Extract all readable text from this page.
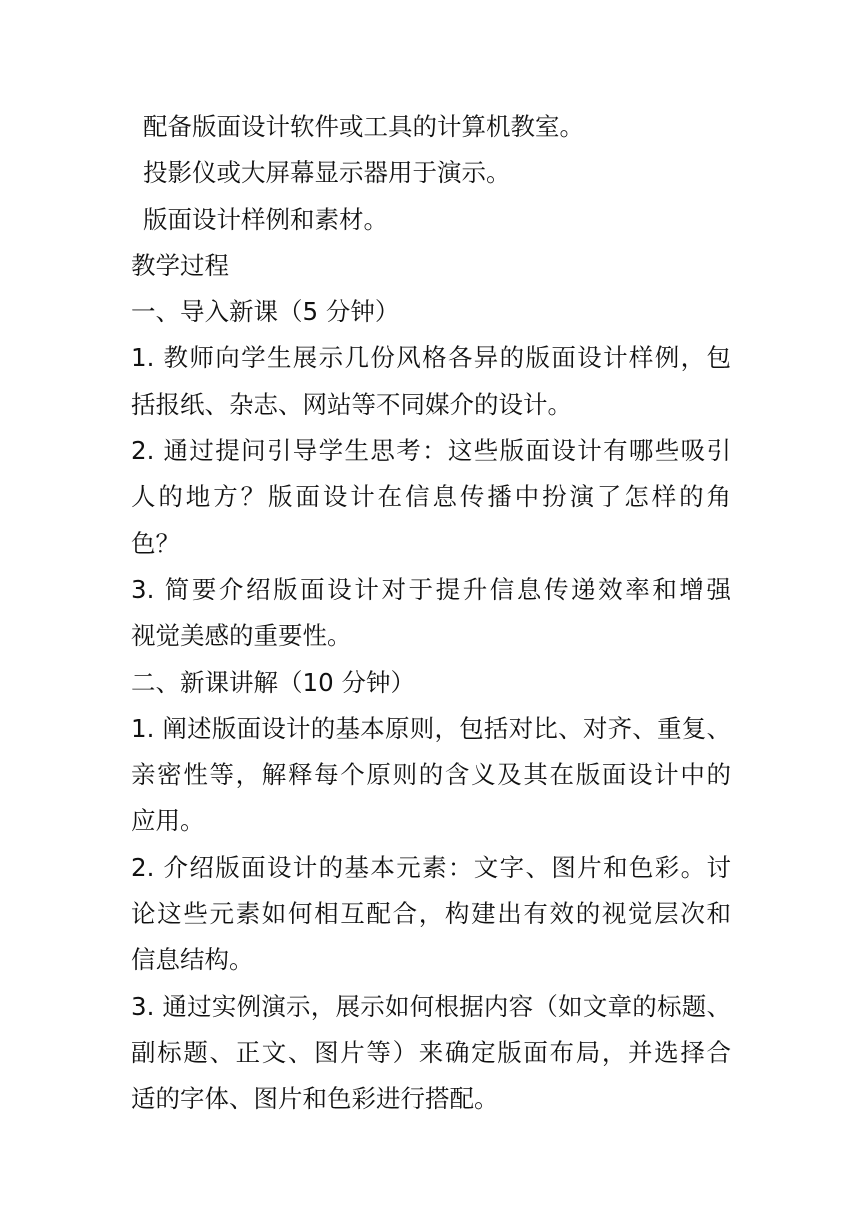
配备版面设计软件或工具的计算机教室。
投影仪或大屏幕显示器用于演示。
版面设计样例和素材。
教学过程
一、导入新课（5 分钟）
1. 教师向学生展示几份风格各异的版面设计样例，包
括报纸、杂志、网站等不同媒介的设计。
2. 通过提问引导学生思考：这些版面设计有哪些吸引
人的地方？版面设计在信息传播中扮演了怎样的角
色？
3. 简要介绍版面设计对于提升信息传递效率和增强
视觉美感的重要性。
二、新课讲解（10 分钟）
1. 阐述版面设计的基本原则，包括对比、对齐、重复、
亲密性等，解释每个原则的含义及其在版面设计中的
应用。
2. 介绍版面设计的基本元素：文字、图片和色彩。讨
论这些元素如何相互配合，构建出有效的视觉层次和
信息结构。
3. 通过实例演示，展示如何根据内容（如文章的标题、
副标题、正文、图片等）来确定版面布局，并选择合
适的字体、图片和色彩进行搭配。
